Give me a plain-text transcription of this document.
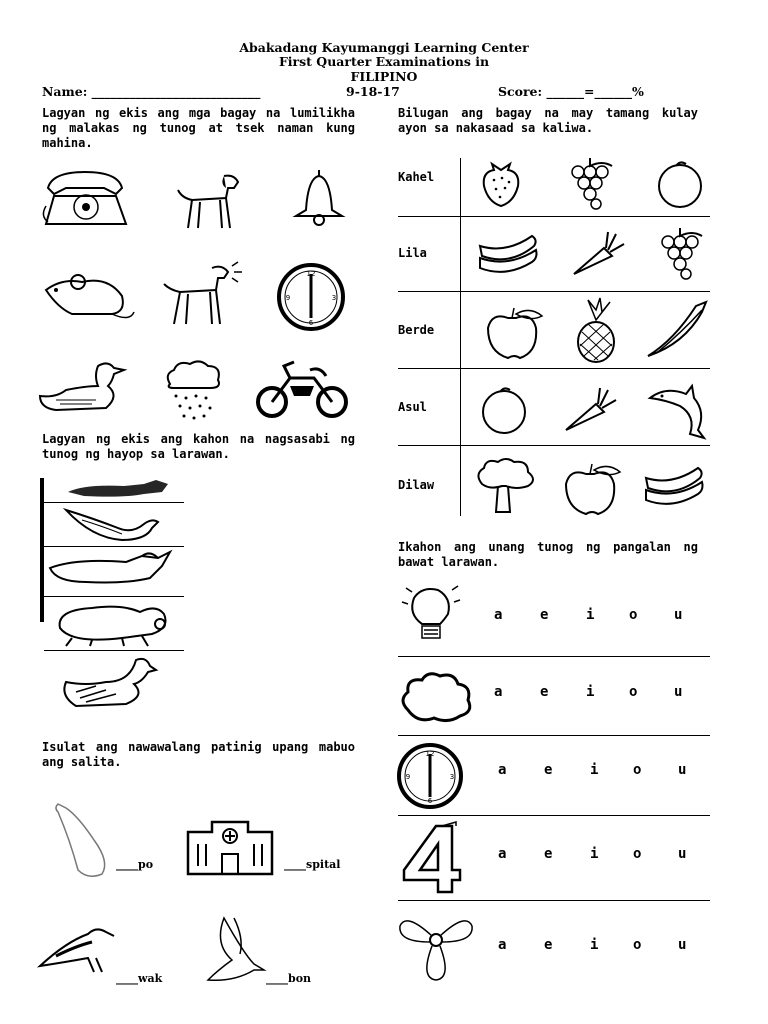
Abakadang Kayumanggi Learning Center
First Quarter Examinations in
FILIPINO
Name: ___________________________	9-18-17	Score: ______=______%
Lagyan ng ekis ang mga bagay na lumilikha ng malakas ng tunog at tsek naman kung mahina.
12
3
6
9
Lagyan ng ekis ang kahon na nagsasabi ng tunog ng hayop sa larawan.
Isulat ang nawawalang patinig upang mabuo ang salita.
____po	____spital
____wak	____bon
Bilugan ang bagay na may tamang kulay ayon sa nakasaad sa kaliwa.
Kahel
Lila
Berde
Asul
Dilaw
Ikahon ang unang tunog ng pangalan ng bawat larawan.
12
3
6
9
a	e	i o	u
a	e	i o	u
a	e	i o	u
a	e	i o	u
a	e	i o	u
